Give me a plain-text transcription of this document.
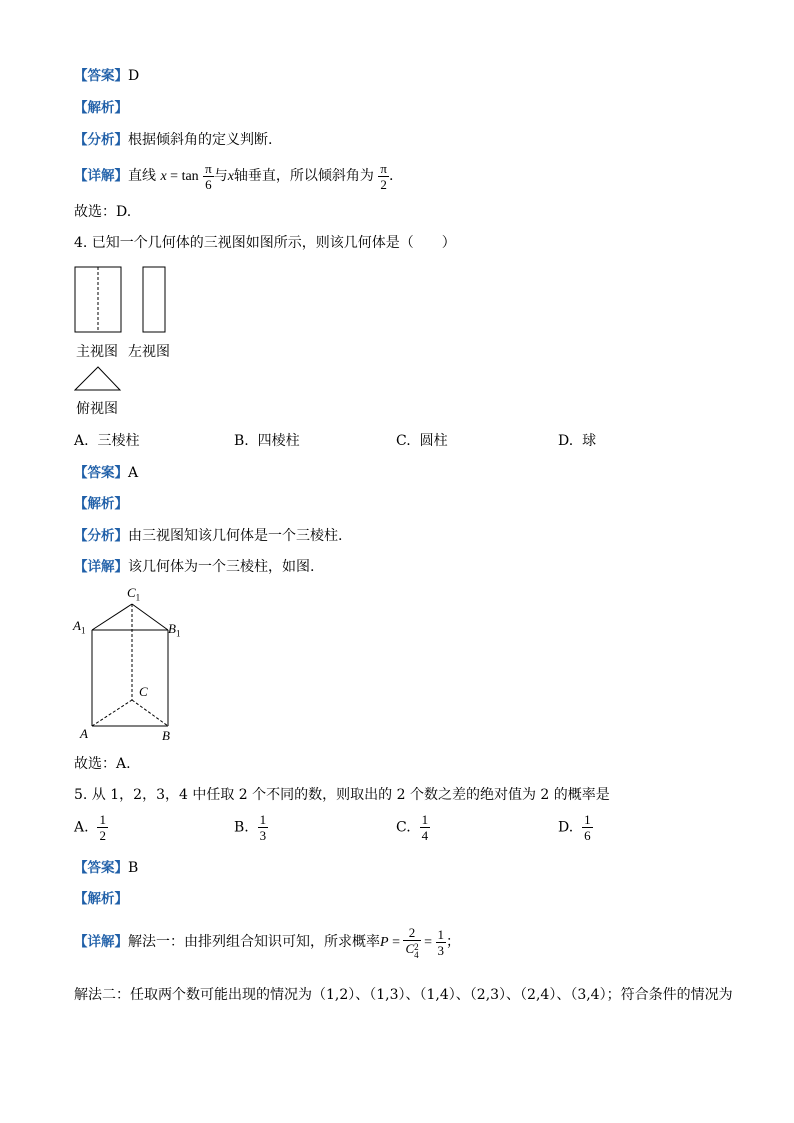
【答案】D
【解析】
【分析】根据倾斜角的定义判断.
【详解】直线 $x = \tan \frac{\pi}{6}$ 与x轴垂直，所以倾斜角为 $\frac{\pi}{2}$ .
故选：D.
4. 已知一个几何体的三视图如图所示，则该几何体是（　　）
主视图 左视图
俯视图
A. 三棱柱	B. 四棱柱	C. 圆柱	D. 球
【答案】A
【解析】
【分析】由三视图知该几何体是一个三棱柱.
【详解】该几何体为一个三棱柱，如图.
$C_1$
$A_1$	$B_1$
C
A	B
故选：A.
5. 从 1，2，3，4 中任取 2 个不同的数，则取出的 2 个数之差的绝对值为 2 的概率是
A. $\frac{1}{2}$	B. $\frac{1}{3}$	C. $\frac{1}{4}$	D. $\frac{1}{6}$
【答案】B
【解析】
【详解】解法一：由排列组合知识可知，所求概率P = 2
C 2
$4 = \frac{1}{3}$ ；
解法二：任取两个数可能出现的情况为（1,2）、（1,3）、（1,4）、（2,3）、（2,4）、（3,4）；符合条件的情况为
